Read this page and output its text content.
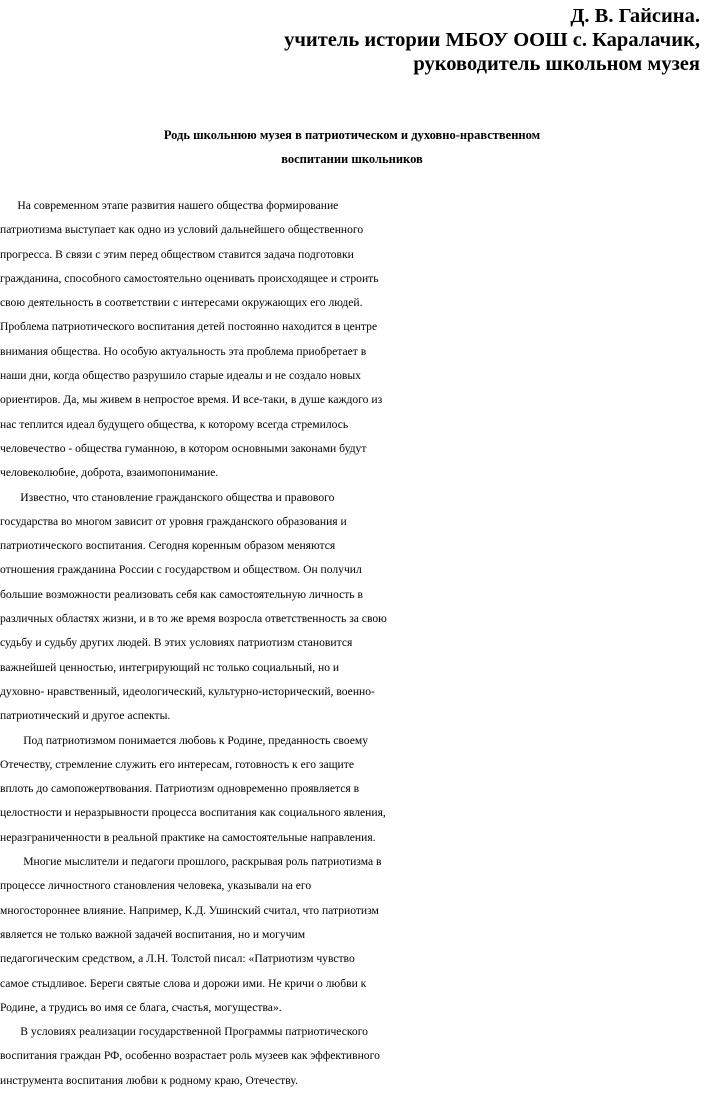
Д. В. Гайсина.
учитель истории МБОУ ООШ с. Каралачик,
руководитель школьном музея
Родь школьнюю музея в патриотическом и духовно-нравственном
воспитании школьников
На современном этапе развития нашего общества формирование
патриотизма выступает как одно из условий дальнейшего общественного
прогресса. В связи с этим перед обществом ставится задача подготовки
гражданина, способного самостоятельно оценивать происходящее и строить
свою деятельность в соответствии с интересами окружающих его людей.
Проблема патриотического воспитания детей постоянно находится в центре
внимания общества. Но особую актуальность эта проблема приобретает в
наши дни, когда общество разрушило старые идеалы и не создало новых
ориентиров. Да, мы живем в непростое время. И все-таки, в душе каждого из
нас теплится идеал будущего общества, к которому всегда стремилось
человечество - общества гуманною, в котором основными законами будут
человеколюбие, доброта, взаимопонимание.
Известно, что становление гражданского общества и правового
государства во многом зависит от уровня гражданского образования и
патриотического воспитания. Сегодня коренным образом меняются
отношения гражданина России с государством и обществом. Он получил
большие возможности реализовать себя как самостоятельную личность в
различных областях жизни, и в то же время возросла ответственность за свою
судьбу и судьбу других людей. В этих условиях патриотизм становится
важнейшей ценностью, интегрирующий нс только социальный, но и
духовно- нравственный, идеологический, культурно-исторический, военно-
патриотический и другое аспекты.
Под патриотизмом понимается любовь к Родине, преданность своему
Отечеству, стремление служить его интересам, готовность к его защите
вплоть до самопожертвования. Патриотизм одновременно проявляется в
целостности и неразрывности процесса воспитания как социального явления,
неразграниченности в реальной практике на самостоятельные направления.
Многие мыслители и педагоги прошлого, раскрывая роль патриотизма в
процессе личностного становления человека, указывали на его
многостороннее влияние. Например, К.Д. Ушинский считал, что патриотизм
является не только важной задачей воспитания, но и могучим
педагогическим средством, а Л.Н. Толстой писал: «Патриотизм чувство
самое стыдливое. Береги святые слова и дорожи ими. Не кричи о любви к
Родине, а трудись во имя се блага, счастья, могущества».
В условиях реализации государственной Программы патриотического
воспитания граждан РФ, особенно возрастает роль музеев как эффективного
инструмента воспитания любви к родному краю, Отечеству.
